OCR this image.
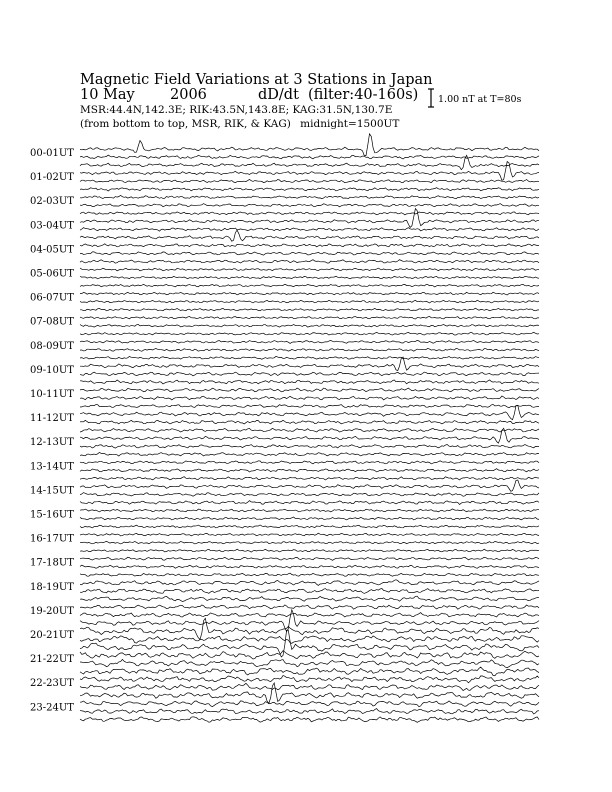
Magnetic Field Variations at 3 Stations in Japan
10 May 2006	dD/dt (filter:40-160s)
MSR:44.4N,142.3E; RIK:43.5N,143.8E; KAG:31.5N,130.7E
(from bottom to top, MSR, RIK, & KAG) midnight=1500UT
1.00 nT at T=80s
00-01UT
01-02UT
02-03UT
03-04UT
04-05UT
05-06UT
06-07UT
07-08UT
08-09UT
09-10UT
10-11UT
11-12UT
12-13UT
13-14UT
14-15UT
15-16UT
16-17UT
17-18UT
18-19UT
19-20UT
20-21UT
21-22UT
22-23UT
23-24UT
